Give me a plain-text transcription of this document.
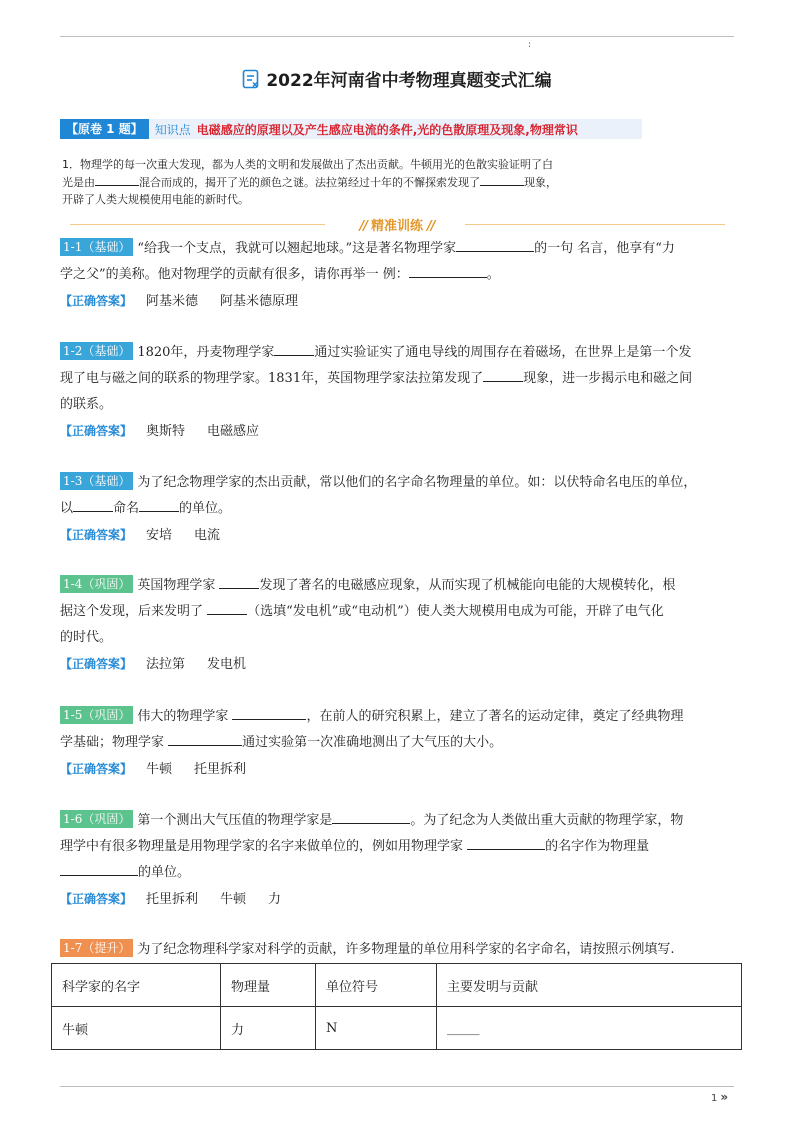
:
2022年河南省中考物理真题变式汇编
【原卷 1 题】	知识点 电磁感应的原理以及产生感应电流的条件,光的色散原理及现象,物理常识
1．物理学的每一次重大发现，都为人类的文明和发展做出了杰出贡献。牛顿用光的色散实验证明了白
光是由	混合而成的，揭开了光的颜色之谜。法拉第经过十年的不懈探索发现了	现象，
开辟了人类大规模使用电能的新时代。
// 精准训练 //

1-1（基础） “给我一个支点，我就可以翘起地球。”这是著名物理学家	的一句 名言，他享有“力

学之父”的美称。他对物理学的贡献有很多，请你再举一 例：	。

【正确答案】 阿基米德 阿基米德原理

1-2（基础） 1820年，丹麦物理学家	通过实验证实了通电导线的周围存在着磁场，在世界上是第一个发

现了电与磁之间的联系的物理学家。1831年，英国物理学家法拉第发现了	现象，进一步揭示电和磁之间

的联系。

【正确答案】 奥斯特 电磁感应

1-3（基础） 为了纪念物理学家的杰出贡献，常以他们的名字命名物理量的单位。如：以伏特命名电压的单位，

以	命名	的单位。

【正确答案】 安培 电流

1-4（巩固） 英国物理学家	发现了著名的电磁感应现象，从而实现了机械能向电能的大规模转化，根

据这个发现，后来发明了	（选填“发电机”或“电动机”）使人类大规模用电成为可能，开辟了电气化

的时代。

【正确答案】 法拉第 发电机

1-5（巩固） 伟大的物理学家	，在前人的研究积累上，建立了著名的运动定律，奠定了经典物理

学基础；物理学家	通过实验第一次准确地测出了大气压的大小。

【正确答案】 牛顿 托里拆利

1-6（巩固） 第一个测出大气压值的物理学家是	。为了纪念为人类做出重大贡献的物理学家，物

理学中有很多物理量是用物理学家的名字来做单位的，例如用物理学家	的名字作为物理量

的单位。

【正确答案】 托里拆利 牛顿 力

1-7（提升） 为了纪念物理科学家对科学的贡献，许多物理量的单位用科学家的名字命名，请按照示例填写.

科学家的名字	物理量	单位符号	主要发明与贡献
牛顿	力	N	_____
1 »
